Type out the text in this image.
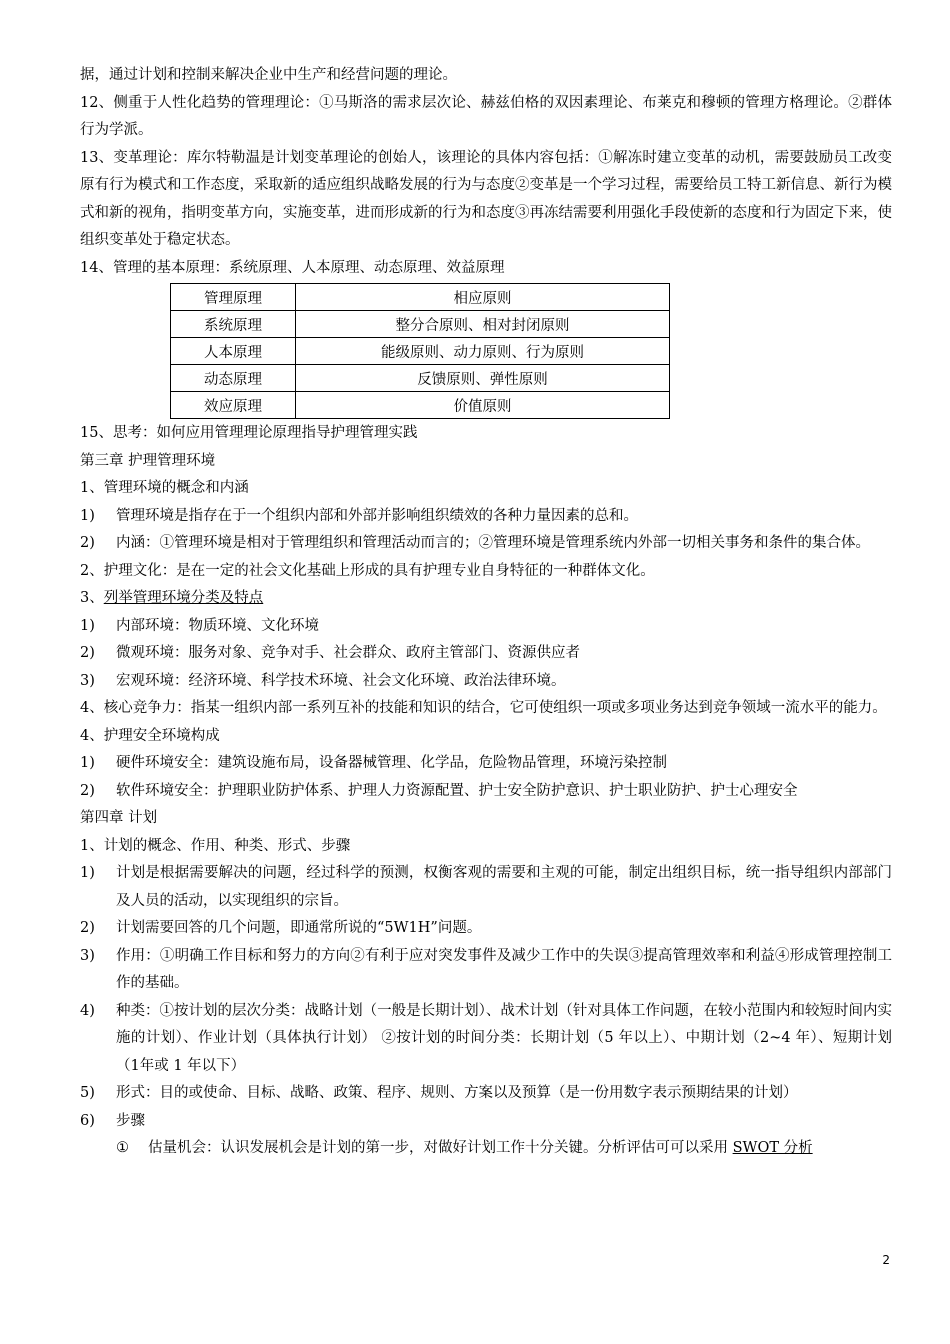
据，通过计划和控制来解决企业中生产和经营问题的理论。

12、侧重于人性化趋势的管理理论：①马斯洛的需求层次论、赫兹伯格的双因素理论、布莱克和穆顿的管理方格理论。②群体行为学派。

13、变革理论：库尔特勒温是计划变革理论的创始人，该理论的具体内容包括：①解冻时建立变革的动机，需要鼓励员工改变原有行为模式和工作态度，采取新的适应组织战略发展的行为与态度②变革是一个学习过程，需要给员工特工新信息、新行为模式和新的视角，指明变革方向，实施变革，进而形成新的行为和态度③再冻结需要利用强化手段使新的态度和行为固定下来，使组织变革处于稳定状态。

14、管理的基本原理：系统原理、人本原理、动态原理、效益原理

管理原理	相应原则
系统原理	整分合原则、相对封闭原则
人本原理	能级原则、动力原则、行为原则
动态原理	反馈原则、弹性原则
效应原理	价值原则

15、思考：如何应用管理理论原理指导护理管理实践

第三章 护理管理环境

1、管理环境的概念和内涵

1)	管理环境是指存在于一个组织内部和外部并影响组织绩效的各种力量因素的总和。
2)	内涵：①管理环境是相对于管理组织和管理活动而言的；②管理环境是管理系统内外部一切相关事务和条件的集合体。

2、护理文化：是在一定的社会文化基础上形成的具有护理专业自身特征的一种群体文化。

3、列举管理环境分类及特点

1)	内部环境：物质环境、文化环境
2)	微观环境：服务对象、竞争对手、社会群众、政府主管部门、资源供应者
3)	宏观环境：经济环境、科学技术环境、社会文化环境、政治法律环境。

4、核心竞争力：指某一组织内部一系列互补的技能和知识的结合，它可使组织一项或多项业务达到竞争领域一流水平的能力。

4、护理安全环境构成

1)	硬件环境安全：建筑设施布局，设备器械管理、化学品，危险物品管理，环境污染控制
2)	软件环境安全：护理职业防护体系、护理人力资源配置、护士安全防护意识、护士职业防护、护士心理安全

第四章 计划

1、计划的概念、作用、种类、形式、步骤

1)	计划是根据需要解决的问题，经过科学的预测，权衡客观的需要和主观的可能，制定出组织目标，统一指导组织内部部门及人员的活动，以实现组织的宗旨。
2)	计划需要回答的几个问题，即通常所说的“5W1H”问题。
3)	作用：①明确工作目标和努力的方向②有利于应对突发事件及减少工作中的失误③提高管理效率和利益④形成管理控制工作的基础。
4)	种类：①按计划的层次分类：战略计划（一般是长期计划）、战术计划（针对具体工作问题，在较小范围内和较短时间内实施的计划）、作业计划（具体执行计划） ②按计划的时间分类：长期计划（5 年以上）、中期计划（2~4 年）、短期计划（1年或 1 年以下）
5)	形式：目的或使命、目标、战略、政策、程序、规则、方案以及预算（是一份用数字表示预期结果的计划）
6)	步骤
①	估量机会：认识发展机会是计划的第一步，对做好计划工作十分关键。分析评估可可以采用 SWOT 分析
2
